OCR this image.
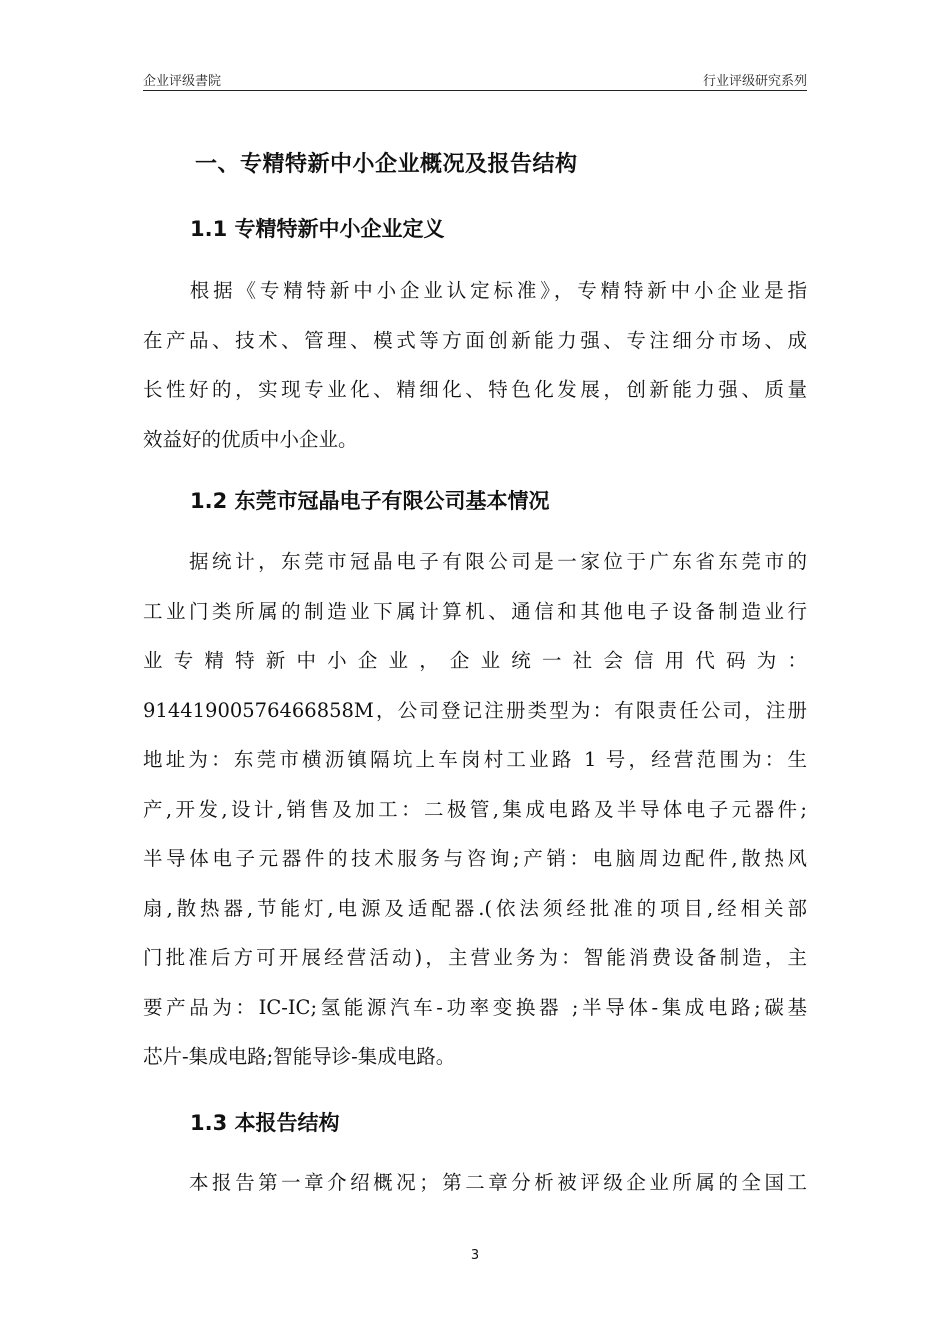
企业评级書院	行业评级研究系列
一、专精特新中小企业概况及报告结构
1.1 专精特新中小企业定义
　　根据《专精特新中小企业认定标准》，专精特新中小企业是指
在产品、技术、管理、模式等方面创新能力强、专注细分市场、成
长性好的，实现专业化、精细化、特色化发展，创新能力强、质量
效益好的优质中小企业。
1.2 东莞市冠晶电子有限公司基本情况
　　据统计，东莞市冠晶电子有限公司是一家位于广东省东莞市的
工业门类所属的制造业下属计算机、通信和其他电子设备制造业行
业专精特新中小企业，企业统一社会信用代码为：
91441900576466858M，公司登记注册类型为：有限责任公司，注册
地址为：东莞市横沥镇隔坑上车岗村工业路 1 号，经营范围为：生
产,开发,设计,销售及加工：二极管,集成电路及半导体电子元器件;
半导体电子元器件的技术服务与咨询;产销：电脑周边配件,散热风
扇,散热器,节能灯,电源及适配器.(依法须经批准的项目,经相关部
门批准后方可开展经营活动)，主营业务为：智能消费设备制造，主
要产品为：IC-IC;氢能源汽车-功率变换器 ;半导体-集成电路;碳基
芯片-集成电路;智能导诊-集成电路。
1.3 本报告结构
　　本报告第一章介绍概况；第二章分析被评级企业所属的全国工
3
